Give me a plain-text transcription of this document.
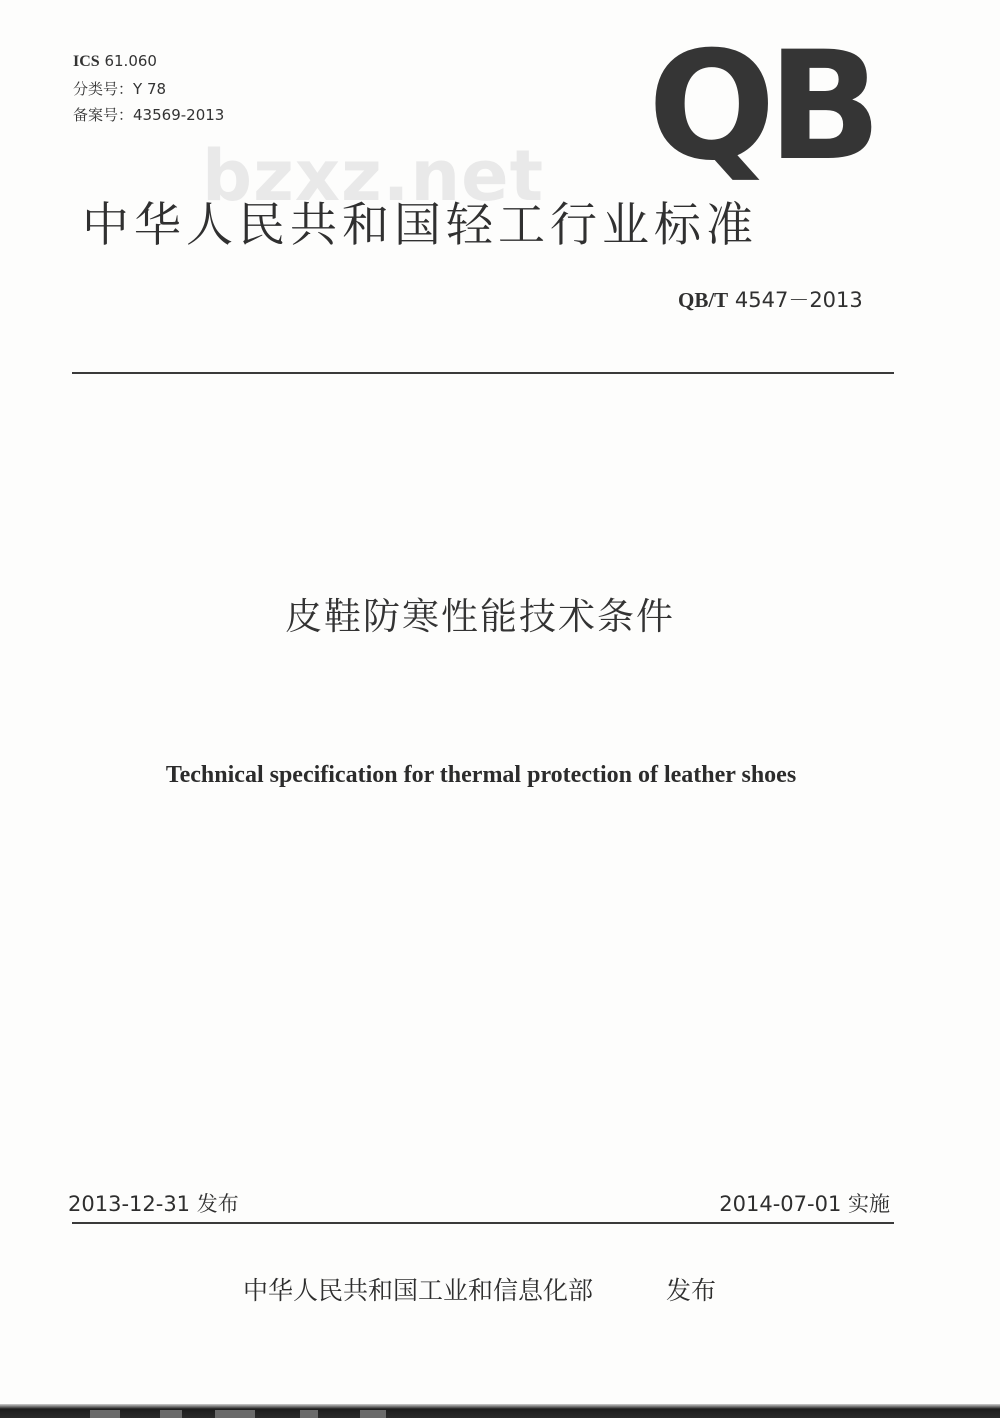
ICS 61.060
分类号：Y 78
备案号：43569-2013	QB
bzxz.net
中华人民共和国轻工行业标准
QB/T 4547－2013
皮鞋防寒性能技术条件
Technical specification for thermal protection of leather shoes
2013-12-31 发布	2014-07-01 实施
中华人民共和国工业和信息化部	发布
